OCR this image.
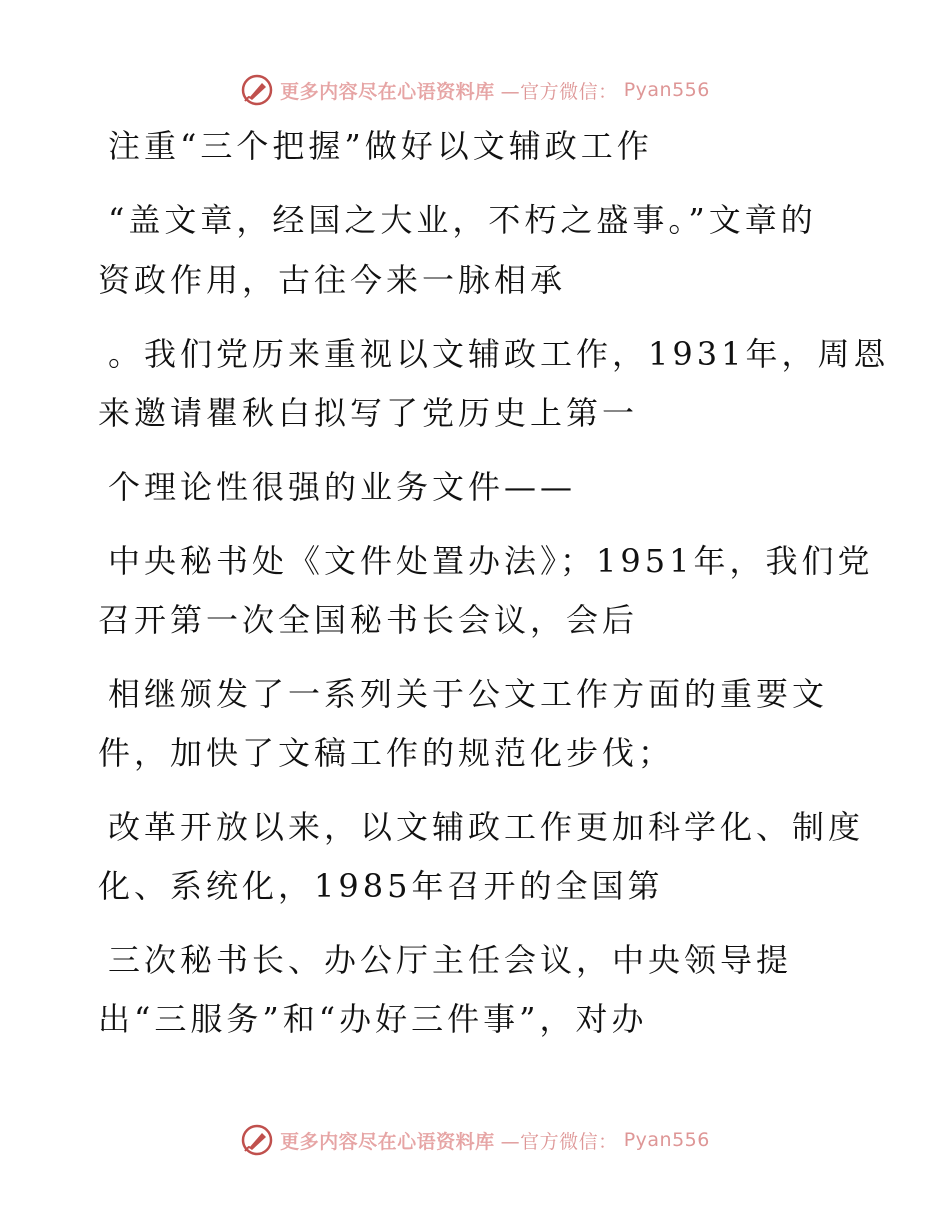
更多内容尽在心语资料库 —官方微信： Pyan556
注重“三个把握”做好以文辅政工作
“盖文章，经国之大业，不朽之盛事。”文章的
资政作用，古往今来一脉相承
。我们党历来重视以文辅政工作，1931年，周恩
来邀请瞿秋白拟写了党历史上第一
个理论性很强的业务文件——
中央秘书处《文件处置办法》；1951年，我们党
召开第一次全国秘书长会议，会后
相继颁发了一系列关于公文工作方面的重要文
件，加快了文稿工作的规范化步伐；
改革开放以来，以文辅政工作更加科学化、制度
化、系统化，1985年召开的全国第
三次秘书长、办公厅主任会议，中央领导提
出“三服务”和“办好三件事”，对办
更多内容尽在心语资料库 —官方微信： Pyan556
